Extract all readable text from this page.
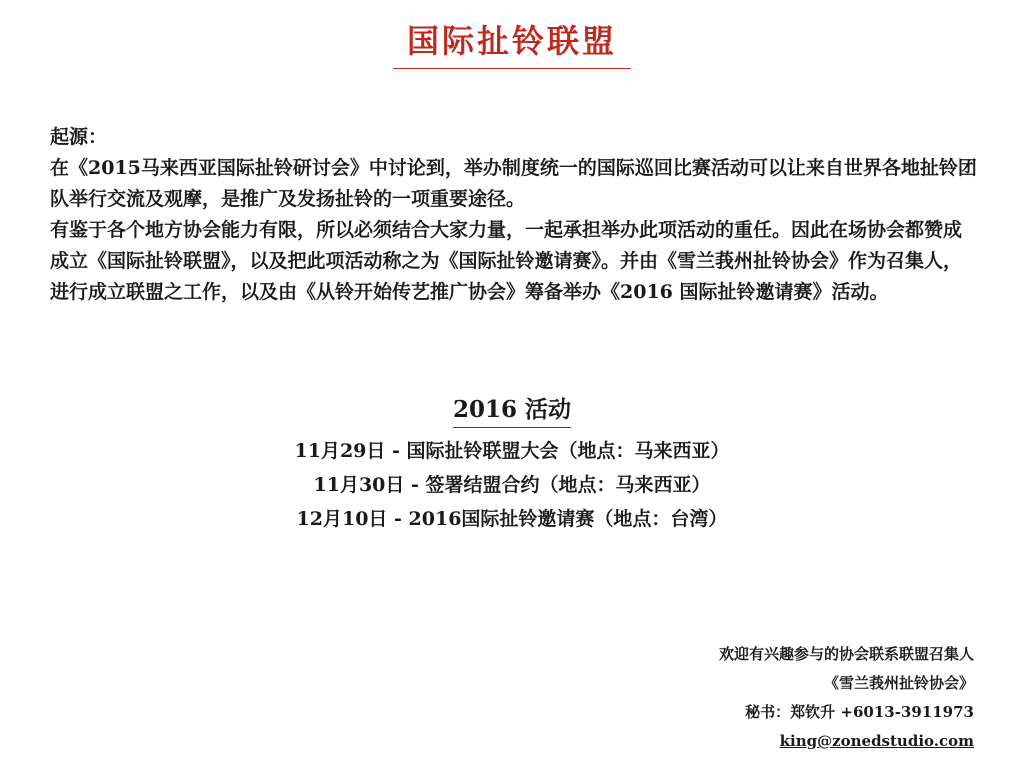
国际扯铃联盟

起源：

在《2015马来西亚国际扯铃研讨会》中讨论到，举办制度统一的国际巡回比赛活动可以让来自世界各地扯铃团队举行交流及观摩，是推广及发扬扯铃的一项重要途径。

有鉴于各个地方协会能力有限，所以必须结合大家力量，一起承担举办此项活动的重任。因此在场协会都赞成成立《国际扯铃联盟》，以及把此项活动称之为《国际扯铃邀请赛》。并由《雪兰莪州扯铃协会》作为召集人，进行成立联盟之工作，以及由《从铃开始传艺推广协会》筹备举办《2016 国际扯铃邀请赛》活动。

2016 活动
11月29日 - 国际扯铃联盟大会（地点：马来西亚）
11月30日 - 签署结盟合约（地点：马来西亚）
12月10日 - 2016国际扯铃邀请赛（地点：台湾）
欢迎有兴趣参与的协会联系联盟召集人
《雪兰莪州扯铃协会》
秘书：郑钦升 +6013-3911973
king@zonedstudio.com
